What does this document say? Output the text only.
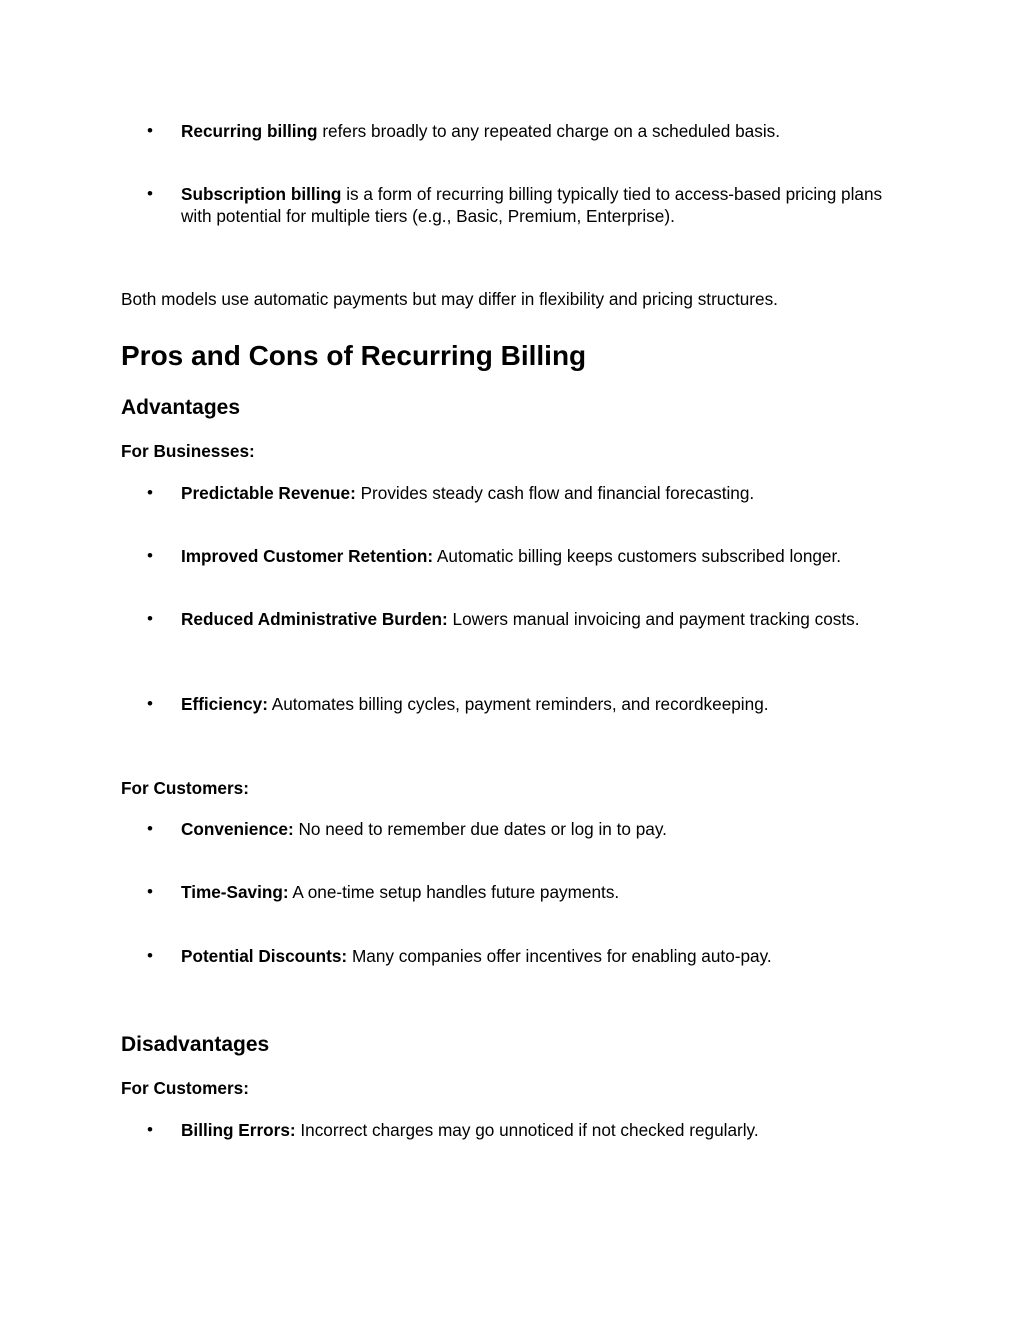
•	Recurring billing refers broadly to any repeated charge on a scheduled basis.
•	Subscription billing is a form of recurring billing typically tied to access-based pricing plans with potential for multiple tiers (e.g., Basic, Premium, Enterprise).

Both models use automatic payments but may differ in flexibility and pricing structures.

Pros and Cons of Recurring Billing
Advantages
For Businesses:
•	Predictable Revenue: Provides steady cash flow and financial forecasting.
•	Improved Customer Retention: Automatic billing keeps customers subscribed longer.
•	Reduced Administrative Burden: Lowers manual invoicing and payment tracking costs.
•	Efficiency: Automates billing cycles, payment reminders, and recordkeeping.
For Customers:
•	Convenience: No need to remember due dates or log in to pay.
•	Time-Saving: A one-time setup handles future payments.
•	Potential Discounts: Many companies offer incentives for enabling auto-pay.
Disadvantages
For Customers:
•	Billing Errors: Incorrect charges may go unnoticed if not checked regularly.
